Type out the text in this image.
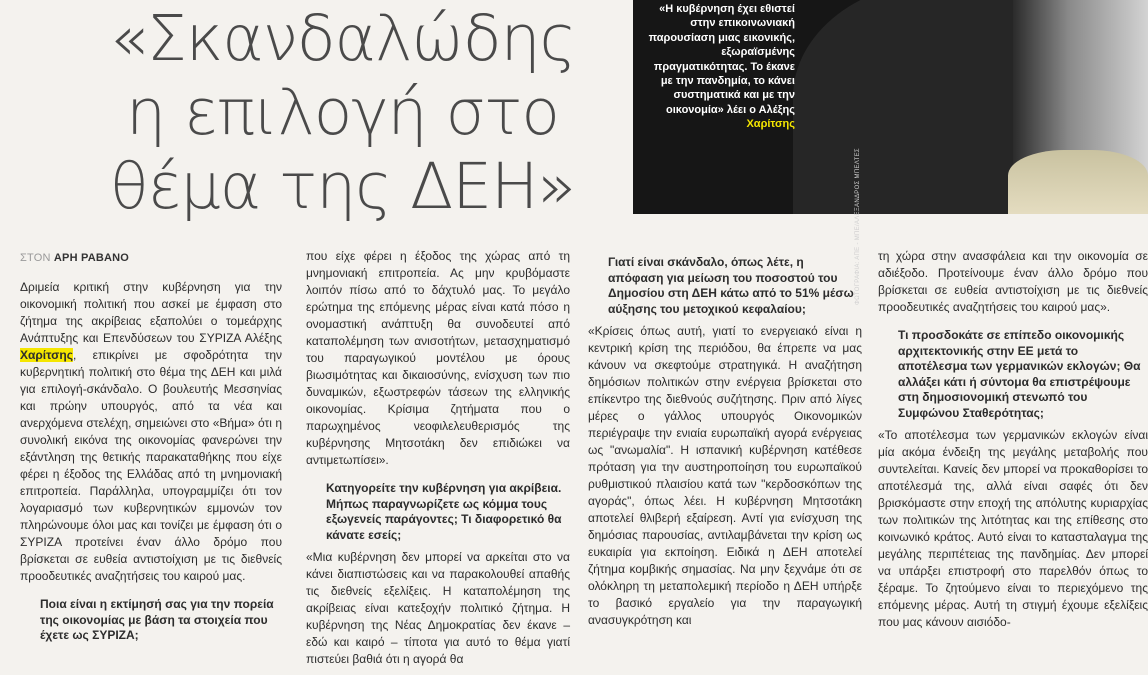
«Σκανδαλώδης
η επιλογή στο
θέμα της ΔΕΗ»

«Η κυβέρνηση έχει εθιστεί στην επικοινωνιακή παρουσίαση μιας εικονικής, εξωραϊσμένης πραγματικότητας. Το έκανε με την πανδημία, το κάνει συστηματικά και με την οικονομία» λέει ο Αλέξης Χαρίτσης

ΦΩΤΟΓΡΑΦΙΑ: ΑΠΕ - ΜΠΕ/ΑΛΕΞΑΝΔΡΟΣ ΜΠΕΛΤΕΣ
ΣΤΟΝ ΑΡΗ ΡΑΒΑΝΟ

Δριμεία κριτική στην κυβέρνηση για την οικονομική πολιτική που ασκεί με έμφαση στο ζήτημα της ακρίβειας εξαπολύει ο τομεάρχης Ανάπτυξης και Επενδύσεων του ΣΥΡΙΖΑ Αλέξης Χαρίτσης, επικρίνει με σφοδρότητα την κυβερνητική πολιτική στο θέμα της ΔΕΗ και μιλά για επιλογή-σκάνδαλο. Ο βουλευτής Μεσσηνίας και πρώην υπουργός, από τα νέα και ανερχόμενα στελέχη, σημειώνει στο «Βήμα» ότι η συνολική εικόνα της οικονομίας φανερώνει την εξάντληση της θετικής παρακαταθήκης που είχε φέρει η έξοδος της Ελλάδας από τη μνημονιακή επιτροπεία. Παράλληλα, υπογραμμίζει ότι τον λογαριασμό των κυβερνητικών εμμονών τον πληρώνουμε όλοι μας και τονίζει με έμφαση ότι ο ΣΥΡΙΖΑ προτείνει έναν άλλο δρόμο που βρίσκεται σε ευθεία αντιστοίχιση με τις διεθνείς προοδευτικές αναζητήσεις του καιρού μας.

Ποια είναι η εκτίμησή σας για την πορεία της οικονομίας με βάση τα στοιχεία που έχετε ως ΣΥΡΙΖΑ;

που είχε φέρει η έξοδος της χώρας από τη μνημονιακή επιτροπεία. Ας μην κρυβόμαστε λοιπόν πίσω από το δάχτυλό μας. Το μεγάλο ερώτημα της επόμενης μέρας είναι κατά πόσο η ονομαστική ανάπτυξη θα συνοδευτεί από καταπολέμηση των ανισοτήτων, μετασχηματισμό του παραγωγικού μοντέλου με όρους βιωσιμότητας και δικαιοσύνης, ενίσχυση των πιο δυναμικών, εξωστρεφών τάσεων της ελληνικής οικονομίας. Κρίσιμα ζητήματα που ο παρωχημένος νεοφιλελευθερισμός της κυβέρνησης Μητσοτάκη δεν επιδιώκει να αντιμετωπίσει».

Κατηγορείτε την κυβέρνηση για ακρίβεια. Μήπως παραγνωρίζετε ως κόμμα τους εξωγενείς παράγοντες; Τι διαφορετικό θα κάνατε εσείς;

«Μια κυβέρνηση δεν μπορεί να αρκείται στο να κάνει διαπιστώσεις και να παρακολουθεί απαθής τις διεθνείς εξελίξεις. Η καταπολέμηση της ακρίβειας είναι κατεξοχήν πολιτικό ζήτημα. Η κυβέρνηση της Νέας Δημοκρατίας δεν έκανε – εδώ και καιρό – τίποτα για αυτό το θέμα γιατί πιστεύει βαθιά ότι η αγορά θα

Γιατί είναι σκάνδαλο, όπως λέτε, η απόφαση για μείωση του ποσοστού του Δημοσίου στη ΔΕΗ κάτω από το 51% μέσω αύξησης του μετοχικού κεφαλαίου;

«Κρίσεις όπως αυτή, γιατί το ενεργειακό είναι η κεντρική κρίση της περιόδου, θα έπρεπε να μας κάνουν να σκεφτούμε στρατηγικά. Η αναζήτηση δημόσιων πολιτικών στην ενέργεια βρίσκεται στο επίκεντρο της διεθνούς συζήτησης. Πριν από λίγες μέρες ο γάλλος υπουργός Οικονομικών περιέγραψε την ενιαία ευρωπαϊκή αγορά ενέργειας ως "ανωμαλία". Η ισπανική κυβέρνηση κατέθεσε πρόταση για την αυστηροποίηση του ευρωπαϊκού ρυθμιστικού πλαισίου κατά των "κερδοσκόπων της αγοράς", όπως λέει. Η κυβέρνηση Μητσοτάκη αποτελεί θλιβερή εξαίρεση. Αντί για ενίσχυση της δημόσιας παρουσίας, αντιλαμβάνεται την κρίση ως ευκαιρία για εκποίηση. Ειδικά η ΔΕΗ αποτελεί ζήτημα κομβικής σημασίας. Να μην ξεχνάμε ότι σε ολόκληρη τη μεταπολεμική περίοδο η ΔΕΗ υπήρξε το βασικό εργαλείο για την παραγωγική ανασυγκρότηση και

τη χώρα στην ανασφάλεια και την οικονομία σε αδιέξοδο. Προτείνουμε έναν άλλο δρόμο που βρίσκεται σε ευθεία αντιστοίχιση με τις διεθνείς προοδευτικές αναζητήσεις του καιρού μας».

Τι προσδοκάτε σε επίπεδο οικονομικής αρχιτεκτονικής στην ΕΕ μετά το αποτέλεσμα των γερμανικών εκλογών; Θα αλλάξει κάτι ή σύντομα θα επιστρέψουμε στη δημοσιονομική στενωπό του Συμφώνου Σταθερότητας;

«Το αποτέλεσμα των γερμανικών εκλογών είναι μία ακόμα ένδειξη της μεγάλης μεταβολής που συντελείται. Κανείς δεν μπορεί να προκαθορίσει το αποτέλεσμά της, αλλά είναι σαφές ότι δεν βρισκόμαστε στην εποχή της απόλυτης κυριαρχίας των πολιτικών της λιτότητας και της επίθεσης στο κοινωνικό κράτος. Αυτό είναι το κατασταλαγμα της μεγάλης περιπέτειας της πανδημίας. Δεν μπορεί να υπάρξει επιστροφή στο παρελθόν όπως το ξέραμε. Το ζητούμενο είναι το περιεχόμενο της επόμενης μέρας. Αυτή τη στιγμή έχουμε εξελίξεις που μας κάνουν αισιόδο-
